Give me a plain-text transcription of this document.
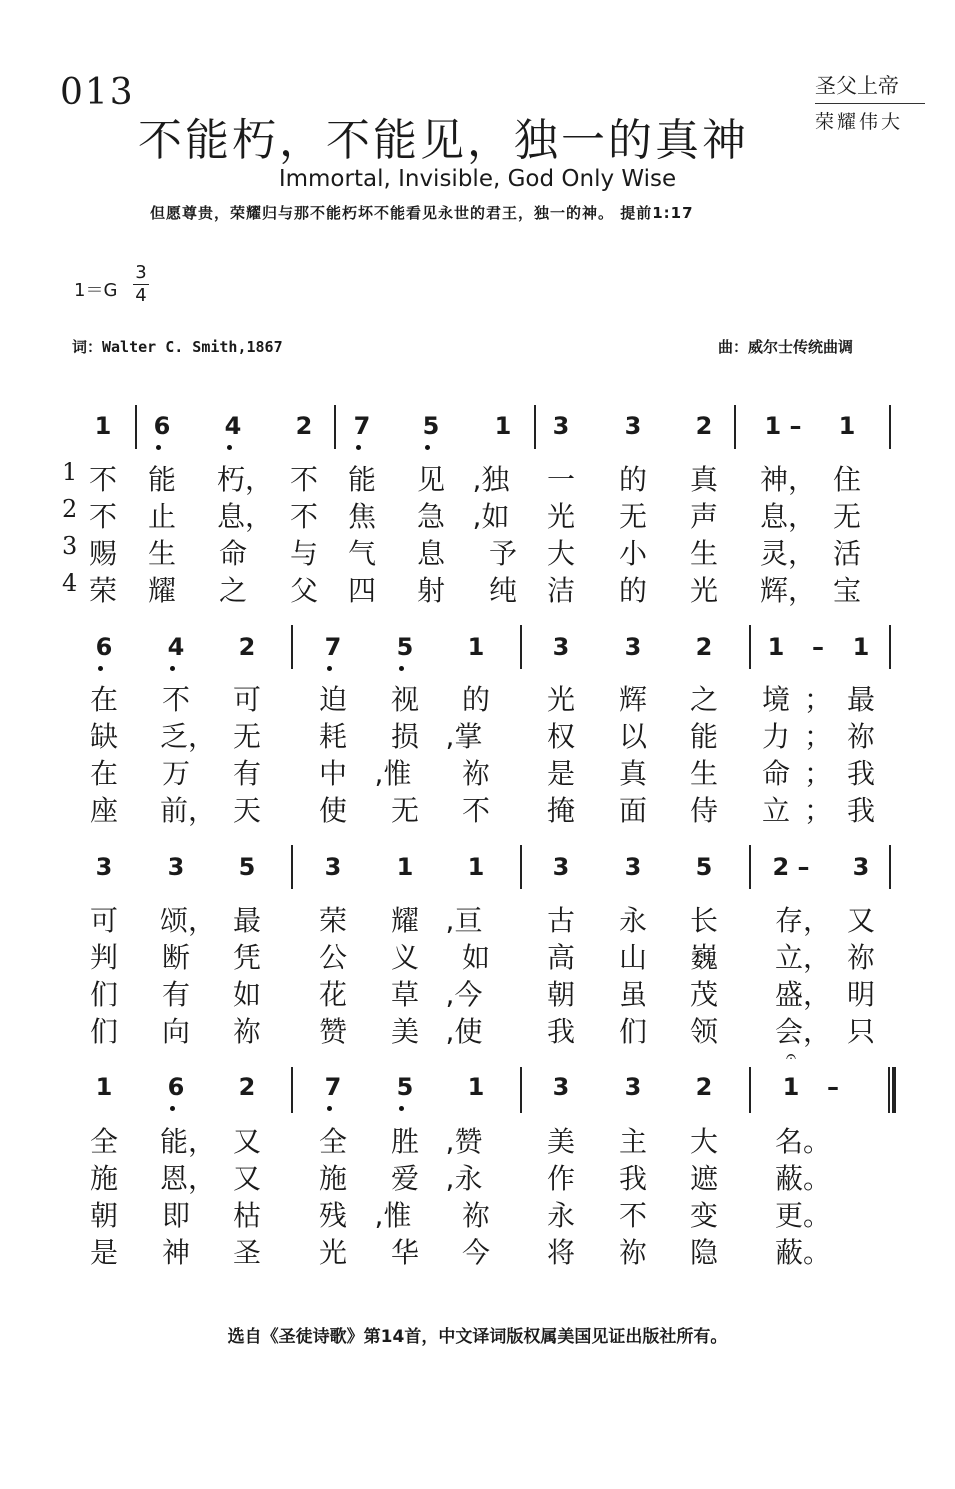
013
不能朽，不能见，独一的真神
圣父上帝
荣耀伟大
Immortal, Invisible, God Only Wise
但愿尊贵，荣耀归与那不能朽坏不能看见永世的君王，独一的神。 提前1:17
1＝G
3
4
词：Walter C. Smith,1867	曲：威尔士传统曲调
1	6	4	2	7	5	1	3	3	2	1 –	1
1
2
3
4
不 能 朽， 不 能 见 ,独	一 的 真 神， 住
不 止 息， 不 焦 急 ,如	光 无 声 息， 无
赐 生 命 与 气 息 予 大 小 生 灵， 活
荣 耀 之 父 四 射 纯 洁 的 光 辉， 宝
6	4	2	7	5	1	3	3	2	1	–	1
在 不 可 迫 视 的 光 辉 之 境 ； 最
缺 乏， 无 耗 损 ,掌	权 以 能 力 ； 祢
在 万 有 中 ,惟	祢 是 真 生 命 ； 我
座 前， 天 使 无 不 掩 面 侍 立 ； 我
3	3	5	3	1	1	3	3	5	2 –	3
可 颂， 最 荣 耀 ,亘	古 永 长 存， 又
判 断 凭 公 义 如 高 山 巍 立， 祢
们 有 如 花 草 ,今	朝 虽 茂 盛， 明
们 向 祢 赞 美 ,使	我 们 领 会， 只
1	6	2	7	5	1	3	3	2	1	–
𝄐
全 能， 又 全 胜 ,赞	美 主 大 名。
施 恩， 又 施 爱 ,永	作 我 遮 蔽。
朝 即 枯 残 ,惟	祢 永 不 变 更。
是 神 圣 光 华 今 将 祢 隐 蔽。
选自《圣徒诗歌》第14首，中文译词版权属美国见证出版社所有。
